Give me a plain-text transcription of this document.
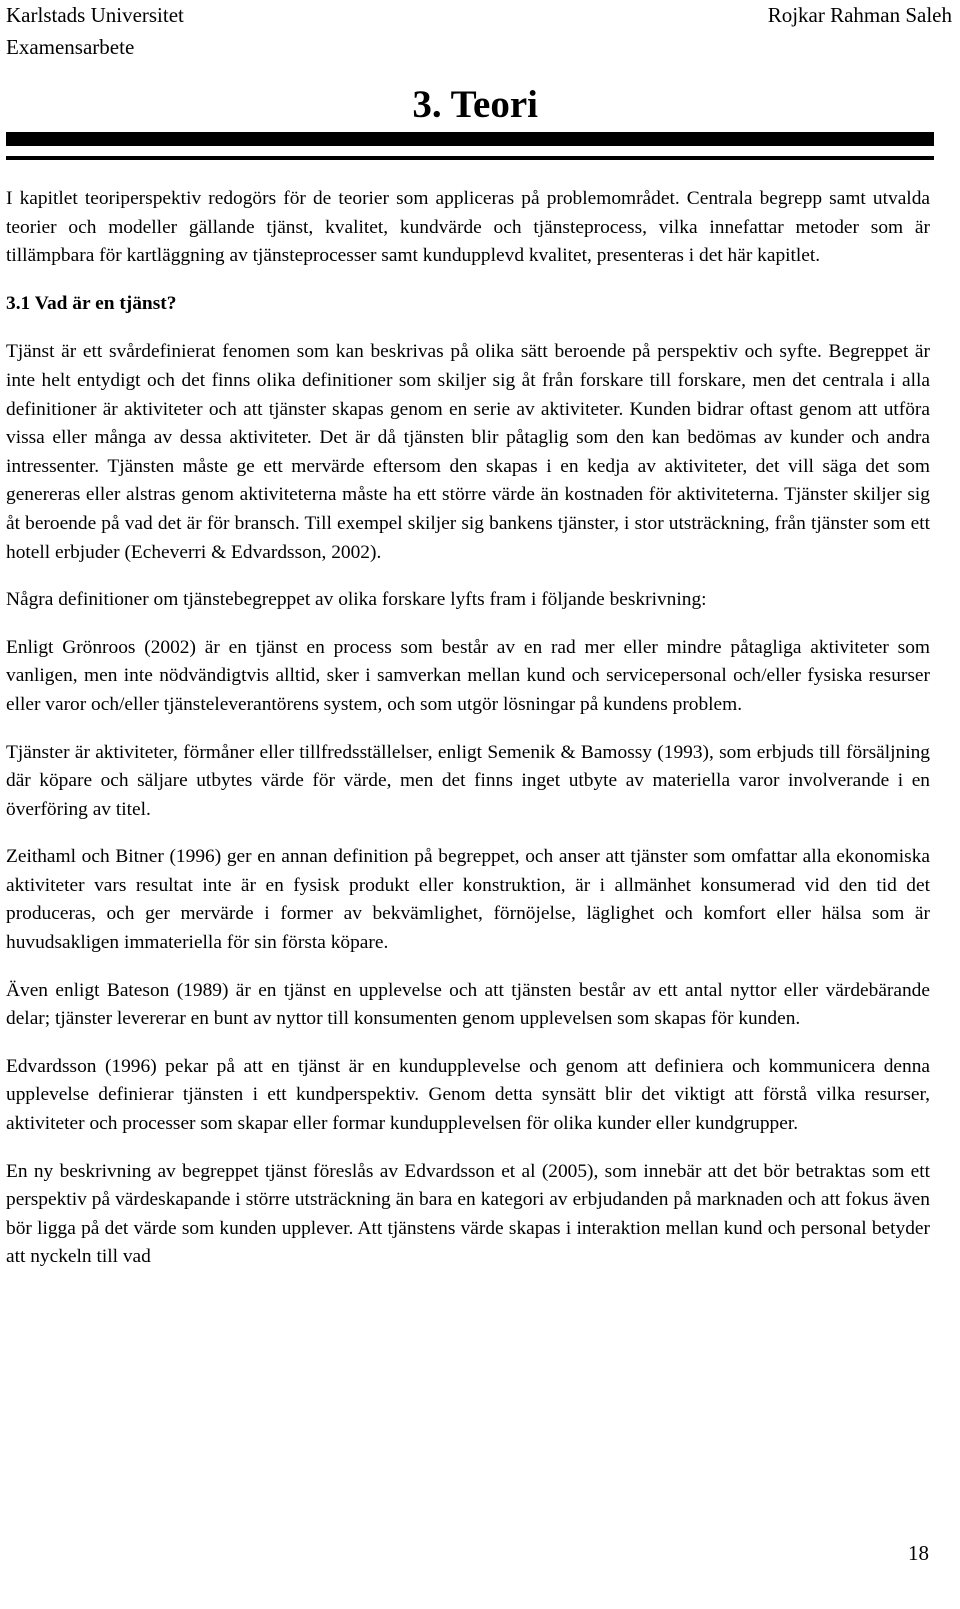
Karlstads Universitet
Examensarbete
Rojkar Rahman Saleh
3. Teori

I kapitlet teoriperspektiv redogörs för de teorier som appliceras på problemområdet. Centrala begrepp samt utvalda teorier och modeller gällande tjänst, kvalitet, kundvärde och tjänsteprocess, vilka innefattar metoder som är tillämpbara för kartläggning av tjänsteprocesser samt kundupplevd kvalitet, presenteras i det här kapitlet.

3.1 Vad är en tjänst?

Tjänst är ett svårdefinierat fenomen som kan beskrivas på olika sätt beroende på perspektiv och syfte. Begreppet är inte helt entydigt och det finns olika definitioner som skiljer sig åt från forskare till forskare, men det centrala i alla definitioner är aktiviteter och att tjänster skapas genom en serie av aktiviteter. Kunden bidrar oftast genom att utföra vissa eller många av dessa aktiviteter. Det är då tjänsten blir påtaglig som den kan bedömas av kunder och andra intressenter. Tjänsten måste ge ett mervärde eftersom den skapas i en kedja av aktiviteter, det vill säga det som genereras eller alstras genom aktiviteterna måste ha ett större värde än kostnaden för aktiviteterna. Tjänster skiljer sig åt beroende på vad det är för bransch. Till exempel skiljer sig bankens tjänster, i stor utsträckning, från tjänster som ett hotell erbjuder (Echeverri & Edvardsson, 2002).

Några definitioner om tjänstebegreppet av olika forskare lyfts fram i följande beskrivning:

Enligt Grönroos (2002) är en tjänst en process som består av en rad mer eller mindre påtagliga aktiviteter som vanligen, men inte nödvändigtvis alltid, sker i samverkan mellan kund och servicepersonal och/eller fysiska resurser eller varor och/eller tjänsteleverantörens system, och som utgör lösningar på kundens problem.

Tjänster är aktiviteter, förmåner eller tillfredsställelser, enligt Semenik & Bamossy (1993), som erbjuds till försäljning där köpare och säljare utbytes värde för värde, men det finns inget utbyte av materiella varor involverande i en överföring av titel.

Zeithaml och Bitner (1996) ger en annan definition på begreppet, och anser att tjänster som omfattar alla ekonomiska aktiviteter vars resultat inte är en fysisk produkt eller konstruktion, är i allmänhet konsumerad vid den tid det produceras, och ger mervärde i former av bekvämlighet, förnöjelse, läglighet och komfort eller hälsa som är huvudsakligen immateriella för sin första köpare.

Även enligt Bateson (1989) är en tjänst en upplevelse och att tjänsten består av ett antal nyttor eller värdebärande delar; tjänster levererar en bunt av nyttor till konsumenten genom upplevelsen som skapas för kunden.

Edvardsson (1996) pekar på att en tjänst är en kundupplevelse och genom att definiera och kommunicera denna upplevelse definierar tjänsten i ett kundperspektiv. Genom detta synsätt blir det viktigt att förstå vilka resurser, aktiviteter och processer som skapar eller formar kundupplevelsen för olika kunder eller kundgrupper.

En ny beskrivning av begreppet tjänst föreslås av Edvardsson et al (2005), som innebär att det bör betraktas som ett perspektiv på värdeskapande i större utsträckning än bara en kategori av erbjudanden på marknaden och att fokus även bör ligga på det värde som kunden upplever. Att tjänstens värde skapas i interaktion mellan kund och personal betyder att nyckeln till vad

18
